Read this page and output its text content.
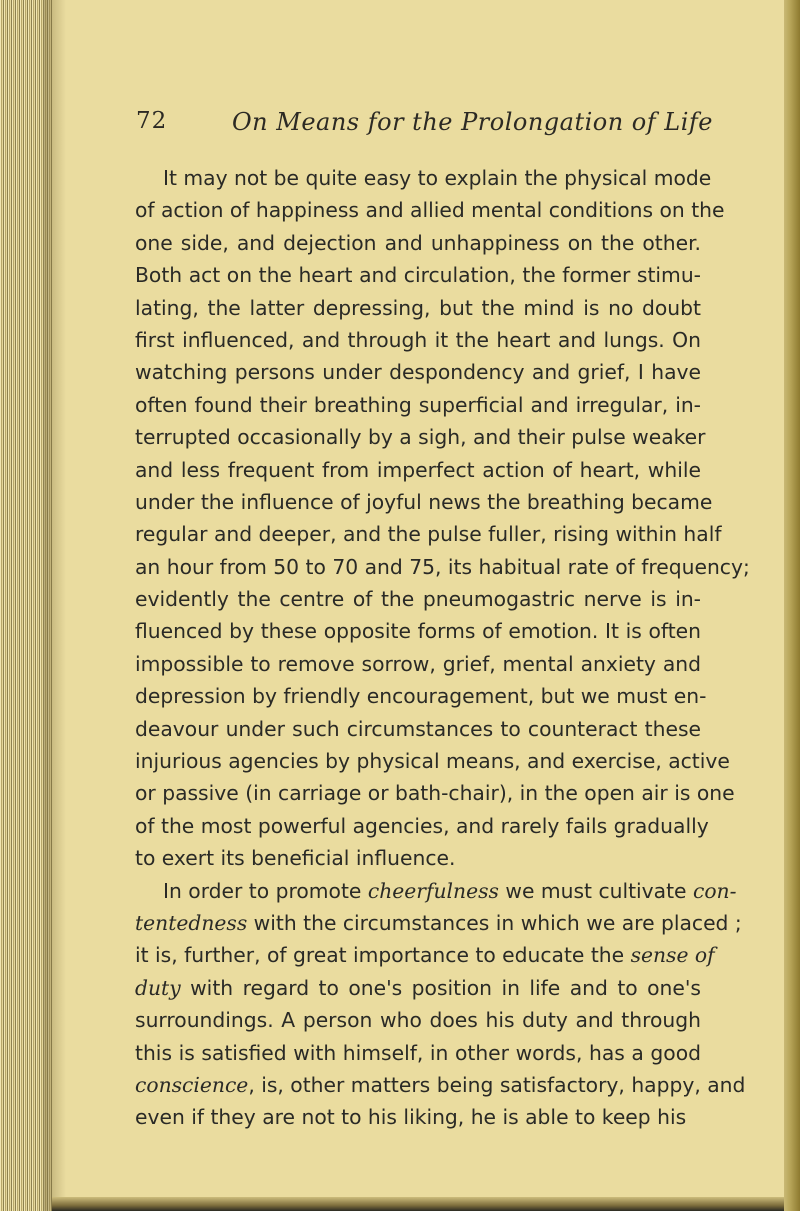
72	On Means for the Prolongation of Life
It may not be quite easy to explain the physical mode
of action of happiness and allied mental conditions on the
one side, and dejection and unhappiness on the other.
Both act on the heart and circulation, the former stimu-
lating, the latter depressing, but the mind is no doubt
first influenced, and through it the heart and lungs. On
watching persons under despondency and grief, I have
often found their breathing superficial and irregular, in-
terrupted occasionally by a sigh, and their pulse weaker
and less frequent from imperfect action of heart, while
under the influence of joyful news the breathing became
regular and deeper, and the pulse fuller, rising within half
an hour from 50 to 70 and 75, its habitual rate of frequency;
evidently the centre of the pneumogastric nerve is in-
fluenced by these opposite forms of emotion. It is often
impossible to remove sorrow, grief, mental anxiety and
depression by friendly encouragement, but we must en-
deavour under such circumstances to counteract these
injurious agencies by physical means, and exercise, active
or passive (in carriage or bath-chair), in the open air is one
of the most powerful agencies, and rarely fails gradually
to exert its beneficial influence.
In order to promote cheerfulness we must cultivate con-
tentedness with the circumstances in which we are placed ;
it is, further, of great importance to educate the sense of
duty with regard to one's position in life and to one's
surroundings. A person who does his duty and through
this is satisfied with himself, in other words, has a good
conscience, is, other matters being satisfactory, happy, and
even if they are not to his liking, he is able to keep his
